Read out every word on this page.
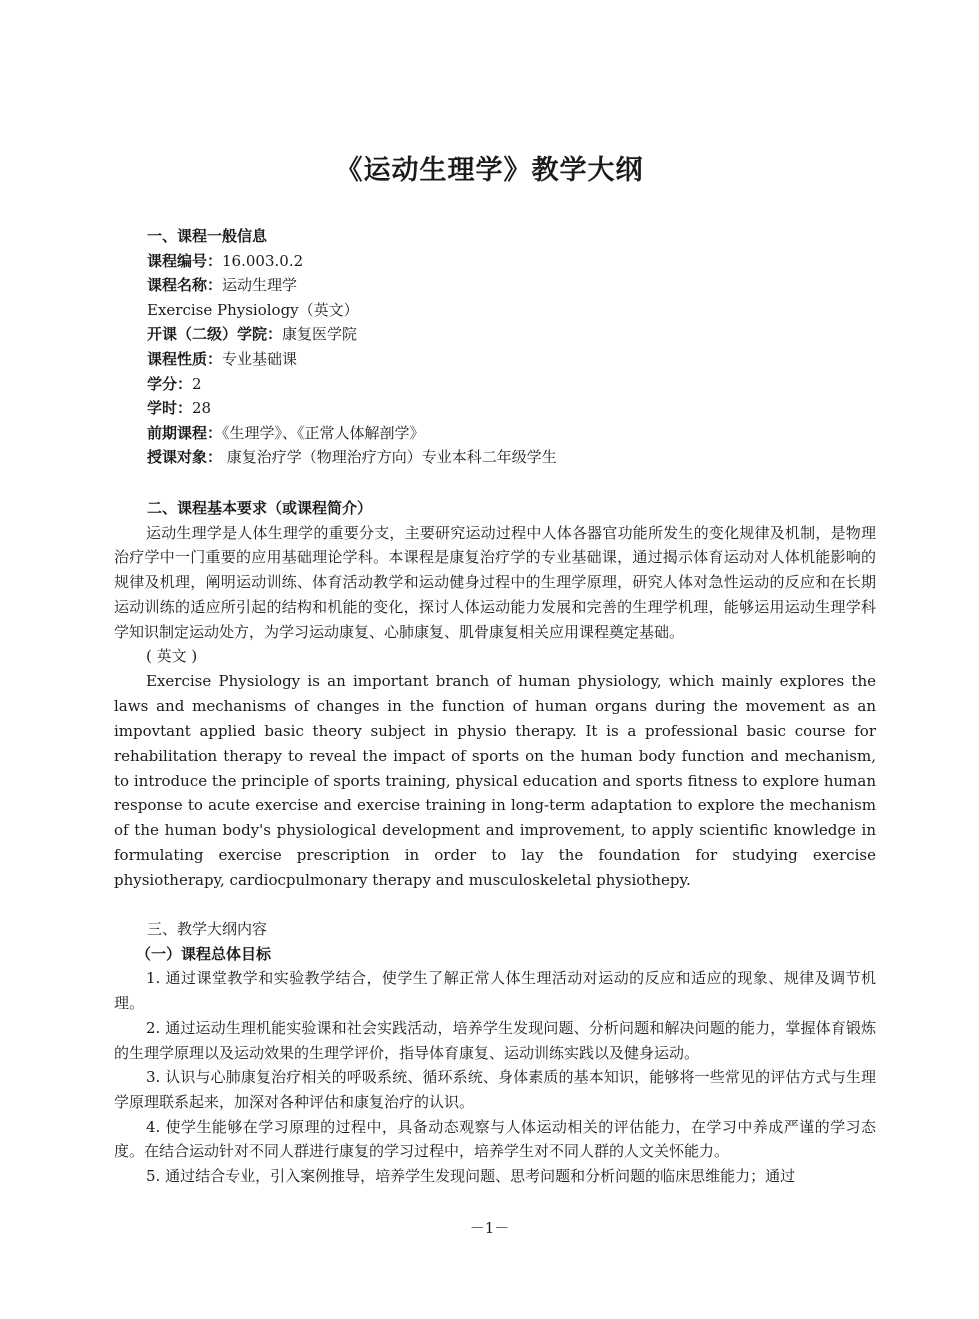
《运动生理学》教学大纲
一、课程一般信息
课程编号：16.003.0.2
课程名称：运动生理学
Exercise Physiology（英文）
开课（二级）学院：康复医学院
课程性质：专业基础课
学分：2
学时：28
前期课程：《生理学》、《正常人体解剖学》
授课对象： 康复治疗学（物理治疗方向）专业本科二年级学生
二、课程基本要求（或课程简介）

运动生理学是人体生理学的重要分支，主要研究运动过程中人体各器官功能所发生的变化规律及机制，是物理治疗学中一门重要的应用基础理论学科。本课程是康复治疗学的专业基础课，通过揭示体育运动对人体机能影响的规律及机理，阐明运动训练、体育活动教学和运动健身过程中的生理学原理，研究人体对急性运动的反应和在长期运动训练的适应所引起的结构和机能的变化，探讨人体运动能力发展和完善的生理学机理，能够运用运动生理学科学知识制定运动处方，为学习运动康复、心肺康复、肌骨康复相关应用课程奠定基础。

( 英文 )

Exercise Physiology is an important branch of human physiology, which mainly explores the laws and mechanisms of changes in the function of human organs during the movement as an impovtant applied basic theory subject in physio therapy. It is a professional basic course for rehabilitation therapy to reveal the impact of sports on the human body function and mechanism, to introduce the principle of sports training, physical education and sports fitness to explore human response to acute exercise and exercise training in long-term adaptation to explore the mechanism of the human body's physiological development and improvement, to apply scientific knowledge in formulating exercise prescription in order to lay the foundation for studying exercise physiotherapy, cardiocpulmonary therapy and musculoskeletal physiothepy.

三、教学大纲内容

（一）课程总体目标

1. 通过课堂教学和实验教学结合，使学生了解正常人体生理活动对运动的反应和适应的现象、规律及调节机理。

2. 通过运动生理机能实验课和社会实践活动，培养学生发现问题、分析问题和解决问题的能力，掌握体育锻炼的生理学原理以及运动效果的生理学评价，指导体育康复、运动训练实践以及健身运动。

3. 认识与心肺康复治疗相关的呼吸系统、循环系统、身体素质的基本知识，能够将一些常见的评估方式与生理学原理联系起来，加深对各种评估和康复治疗的认识。

4. 使学生能够在学习原理的过程中，具备动态观察与人体运动相关的评估能力，在学习中养成严谨的学习态度。在结合运动针对不同人群进行康复的学习过程中，培养学生对不同人群的人文关怀能力。

5. 通过结合专业，引入案例推导，培养学生发现问题、思考问题和分析问题的临床思维能力；通过

－1－
